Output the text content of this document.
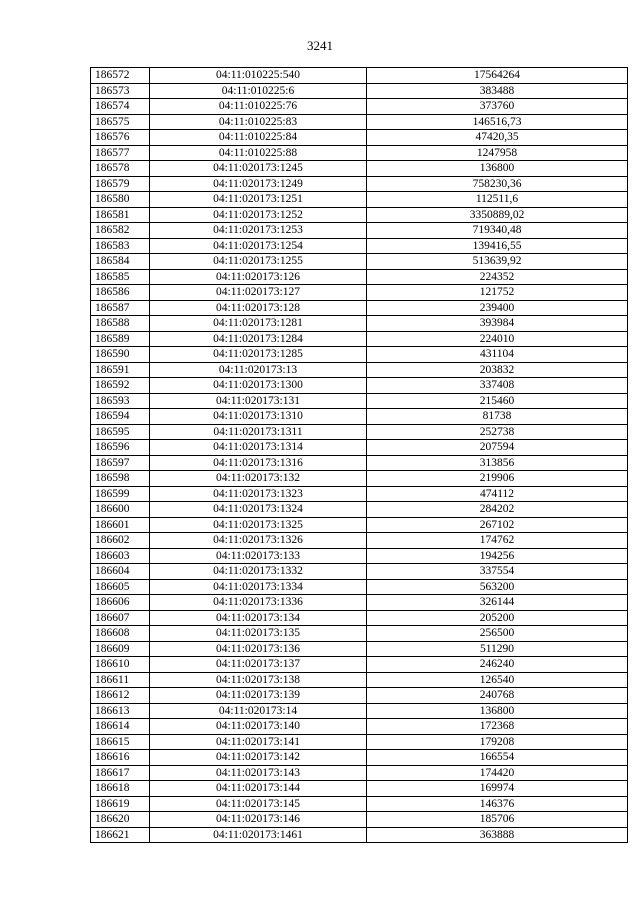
3241
186572	04:11:010225:540	17564264
186573	04:11:010225:6	383488
186574	04:11:010225:76	373760
186575	04:11:010225:83	146516,73
186576	04:11:010225:84	47420,35
186577	04:11:010225:88	1247958
186578	04:11:020173:1245	136800
186579	04:11:020173:1249	758230,36
186580	04:11:020173:1251	112511,6
186581	04:11:020173:1252	3350889,02
186582	04:11:020173:1253	719340,48
186583	04:11:020173:1254	139416,55
186584	04:11:020173:1255	513639,92
186585	04:11:020173:126	224352
186586	04:11:020173:127	121752
186587	04:11:020173:128	239400
186588	04:11:020173:1281	393984
186589	04:11:020173:1284	224010
186590	04:11:020173:1285	431104
186591	04:11:020173:13	203832
186592	04:11:020173:1300	337408
186593	04:11:020173:131	215460
186594	04:11:020173:1310	81738
186595	04:11:020173:1311	252738
186596	04:11:020173:1314	207594
186597	04:11:020173:1316	313856
186598	04:11:020173:132	219906
186599	04:11:020173:1323	474112
186600	04:11:020173:1324	284202
186601	04:11:020173:1325	267102
186602	04:11:020173:1326	174762
186603	04:11:020173:133	194256
186604	04:11:020173:1332	337554
186605	04:11:020173:1334	563200
186606	04:11:020173:1336	326144
186607	04:11:020173:134	205200
186608	04:11:020173:135	256500
186609	04:11:020173:136	511290
186610	04:11:020173:137	246240
186611	04:11:020173:138	126540
186612	04:11:020173:139	240768
186613	04:11:020173:14	136800
186614	04:11:020173:140	172368
186615	04:11:020173:141	179208
186616	04:11:020173:142	166554
186617	04:11:020173:143	174420
186618	04:11:020173:144	169974
186619	04:11:020173:145	146376
186620	04:11:020173:146	185706
186621	04:11:020173:1461	363888
